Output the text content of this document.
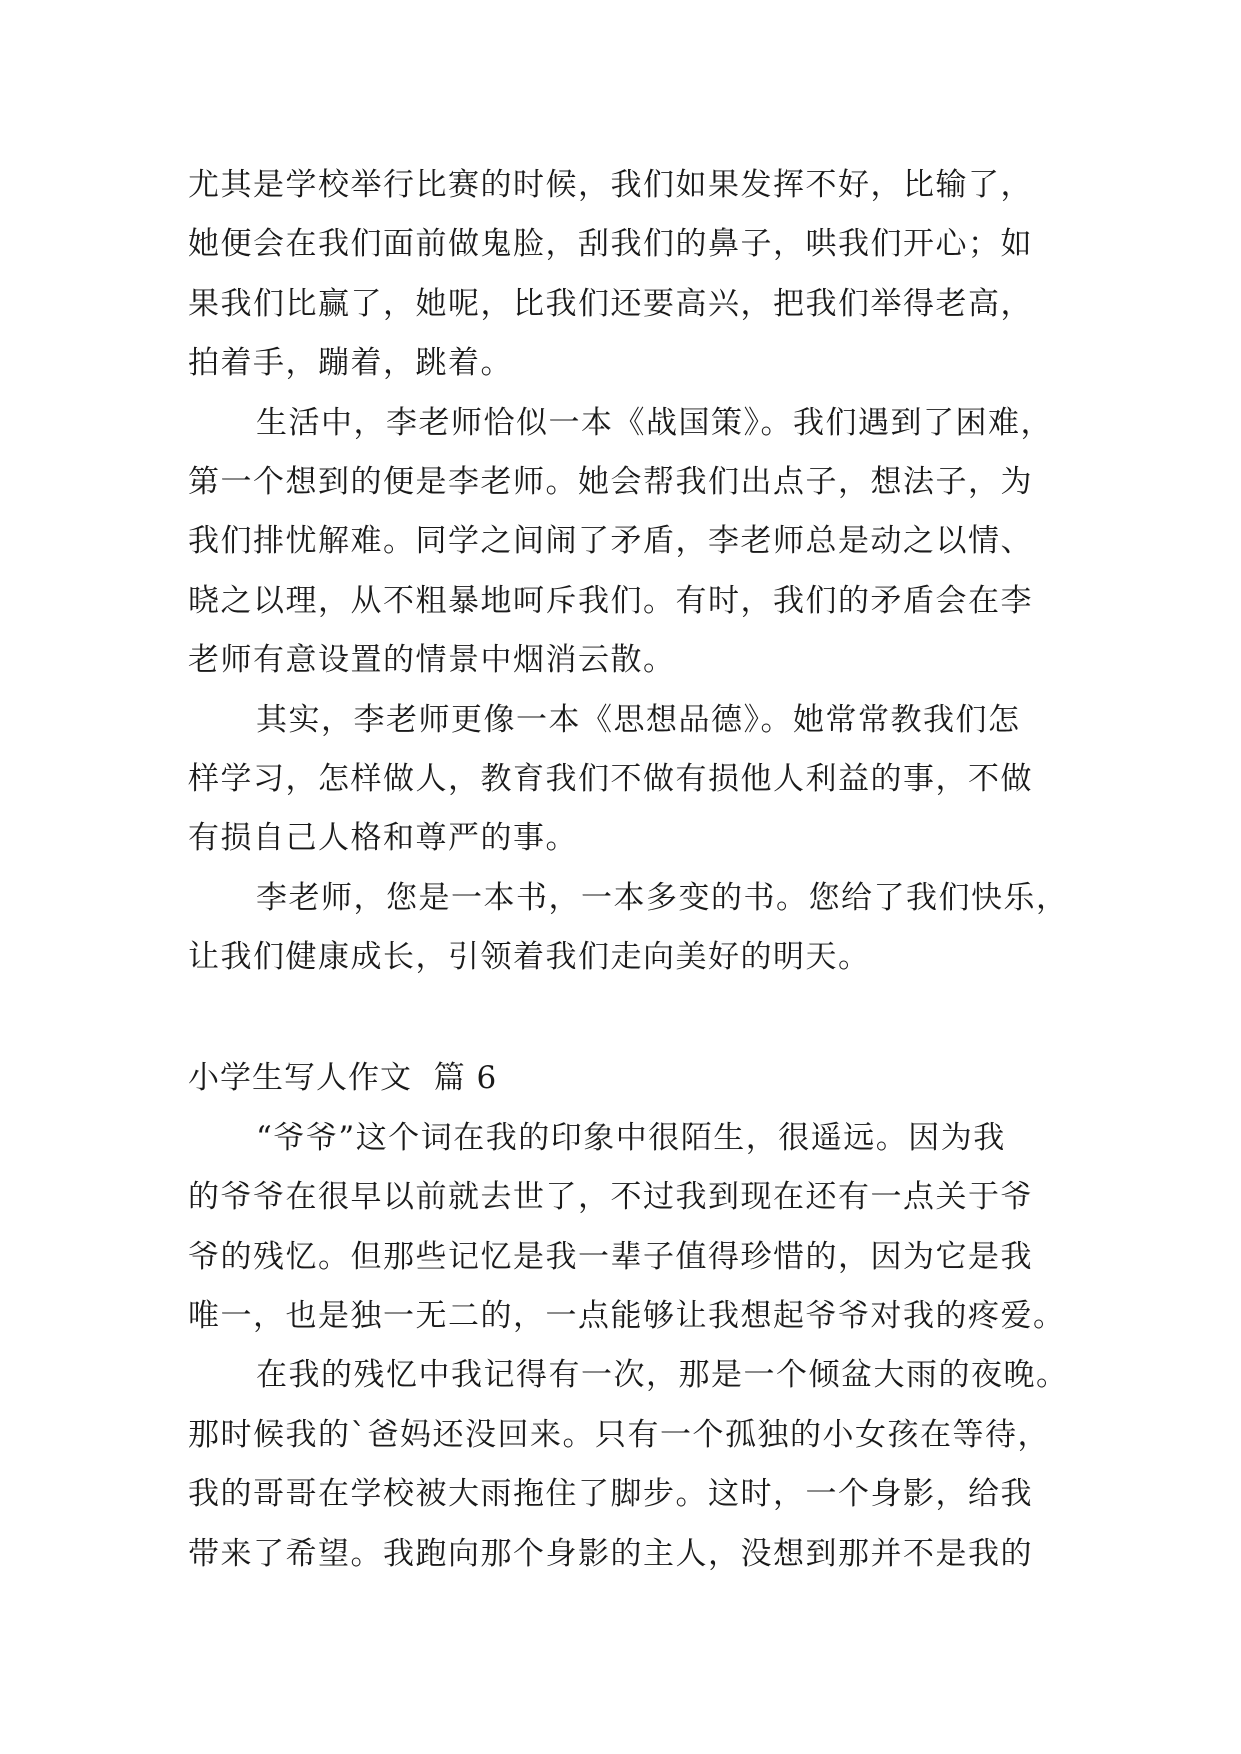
尤其是学校举行比赛的时候，我们如果发挥不好，比输了，
她便会在我们面前做鬼脸，刮我们的鼻子，哄我们开心；如
果我们比赢了，她呢，比我们还要高兴，把我们举得老高，
拍着手，蹦着，跳着。
生活中，李老师恰似一本《战国策》。我们遇到了困难，
第一个想到的便是李老师。她会帮我们出点子，想法子，为
我们排忧解难。同学之间闹了矛盾，李老师总是动之以情、
晓之以理，从不粗暴地呵斥我们。有时，我们的矛盾会在李
老师有意设置的情景中烟消云散。
其实，李老师更像一本《思想品德》。她常常教我们怎
样学习，怎样做人，教育我们不做有损他人利益的事，不做
有损自己人格和尊严的事。
李老师，您是一本书，一本多变的书。您给了我们快乐，
让我们健康成长，引领着我们走向美好的明天。
小学生写人作文  篇 6
“爷爷”这个词在我的印象中很陌生，很遥远。因为我
的爷爷在很早以前就去世了，不过我到现在还有一点关于爷
爷的残忆。但那些记忆是我一辈子值得珍惜的，因为它是我
唯一，也是独一无二的，一点能够让我想起爷爷对我的疼爱。
在我的残忆中我记得有一次，那是一个倾盆大雨的夜晚。
那时候我的`爸妈还没回来。只有一个孤独的小女孩在等待，
我的哥哥在学校被大雨拖住了脚步。这时，一个身影，给我
带来了希望。我跑向那个身影的主人，没想到那并不是我的
